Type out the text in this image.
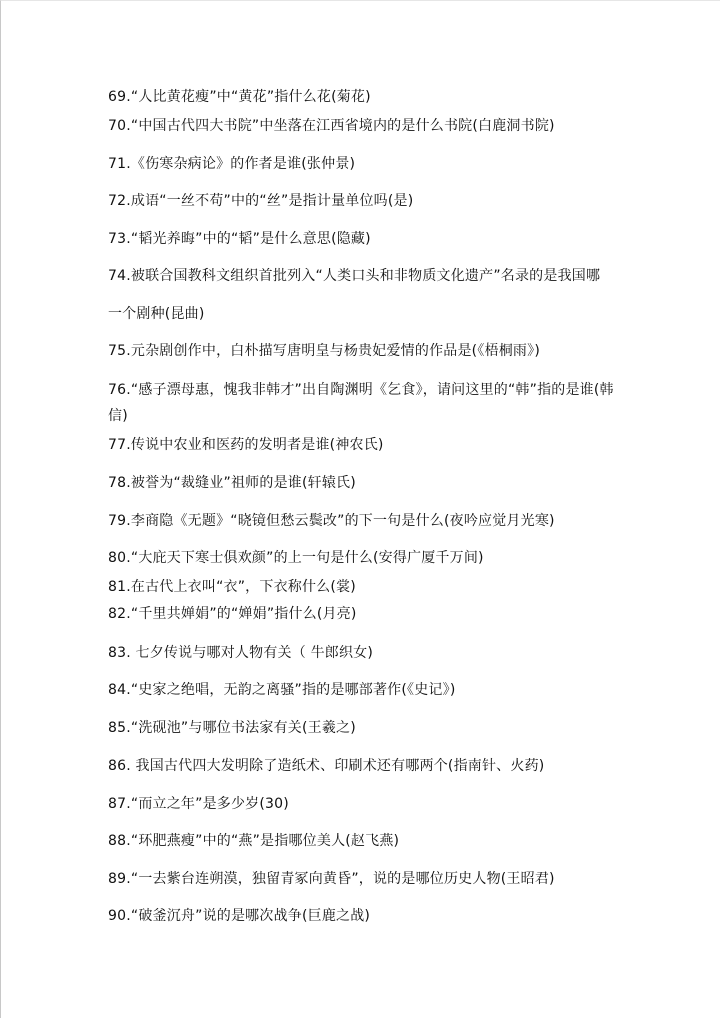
69.“人比黄花瘦”中“黄花”指什么花(菊花)
70.“中国古代四大书院”中坐落在江西省境内的是什么书院(白鹿洞书院)
71.《伤寒杂病论》的作者是谁(张仲景)
72.成语“一丝不苟”中的“丝”是指计量单位吗(是)
73.“韬光养晦”中的“韬”是什么意思(隐藏)
74.被联合国教科文组织首批列入“人类口头和非物质文化遗产”名录的是我国哪
一个剧种(昆曲)
75.元杂剧创作中，白朴描写唐明皇与杨贵妃爱情的作品是(《梧桐雨》)
76.“感子漂母惠，愧我非韩才”出自陶渊明《乞食》，请问这里的“韩”指的是谁(韩
信)
77.传说中农业和医药的发明者是谁(神农氏)
78.被誉为“裁缝业”祖师的是谁(轩辕氏)
79.李商隐《无题》“晓镜但愁云鬓改”的下一句是什么(夜吟应觉月光寒)
80.“大庇天下寒士俱欢颜”的上一句是什么(安得广厦千万间)
81.在古代上衣叫“衣”，下衣称什么(裳)
82.“千里共婵娟”的“婵娟”指什么(月亮)
83. 七夕传说与哪对人物有关（ 牛郎织女)
84.“史家之绝唱，无韵之离骚”指的是哪部著作(《史记》)
85.“洗砚池”与哪位书法家有关(王羲之)
86. 我国古代四大发明除了造纸术、印刷术还有哪两个(指南针、火药)
87.“而立之年”是多少岁(30)
88.“环肥燕瘦”中的“燕”是指哪位美人(赵飞燕)
89.“一去紫台连朔漠，独留青冢向黄昏”，说的是哪位历史人物(王昭君)
90.“破釜沉舟”说的是哪次战争(巨鹿之战)
